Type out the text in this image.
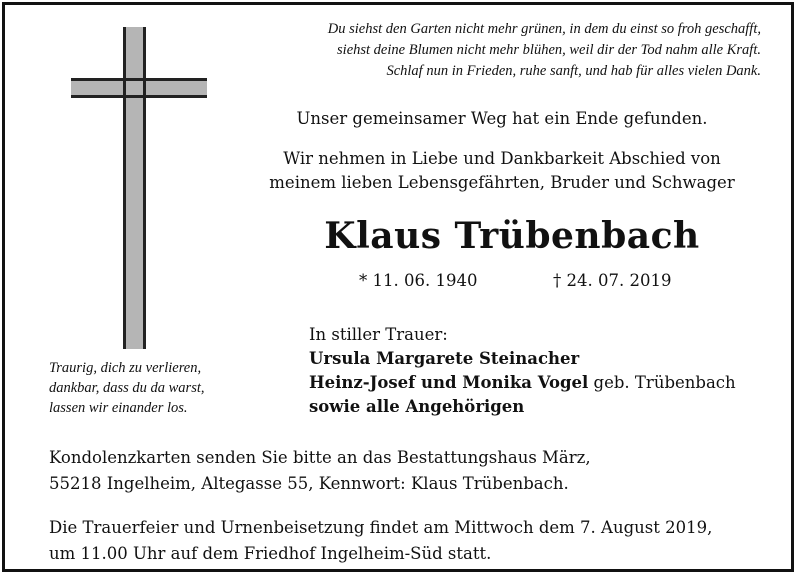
Du siehst den Garten nicht mehr grünen, in dem du einst so froh geschafft,
siehst deine Blumen nicht mehr blühen, weil dir der Tod nahm alle Kraft.
Schlaf nun in Frieden, ruhe sanft, und hab für alles vielen Dank.
Unser gemeinsamer Weg hat ein Ende gefunden.
Wir nehmen in Liebe und Dankbarkeit Abschied von
meinem lieben Lebensgefährten, Bruder und Schwager
Klaus Trübenbach
* 11. 06. 1940	† 24. 07. 2019
Traurig, dich zu verlieren,
dankbar, dass du da warst,
lassen wir einander los.
In stiller Trauer:
Ursula Margarete Steinacher
Heinz-Josef und Monika Vogel geb. Trübenbach
sowie alle Angehörigen
Kondolenzkarten senden Sie bitte an das Bestattungshaus März,
55218 Ingelheim, Altegasse 55, Kennwort: Klaus Trübenbach.
Die Trauerfeier und Urnenbeisetzung findet am Mittwoch dem 7. August 2019,
um 11.00 Uhr auf dem Friedhof Ingelheim-Süd statt.
